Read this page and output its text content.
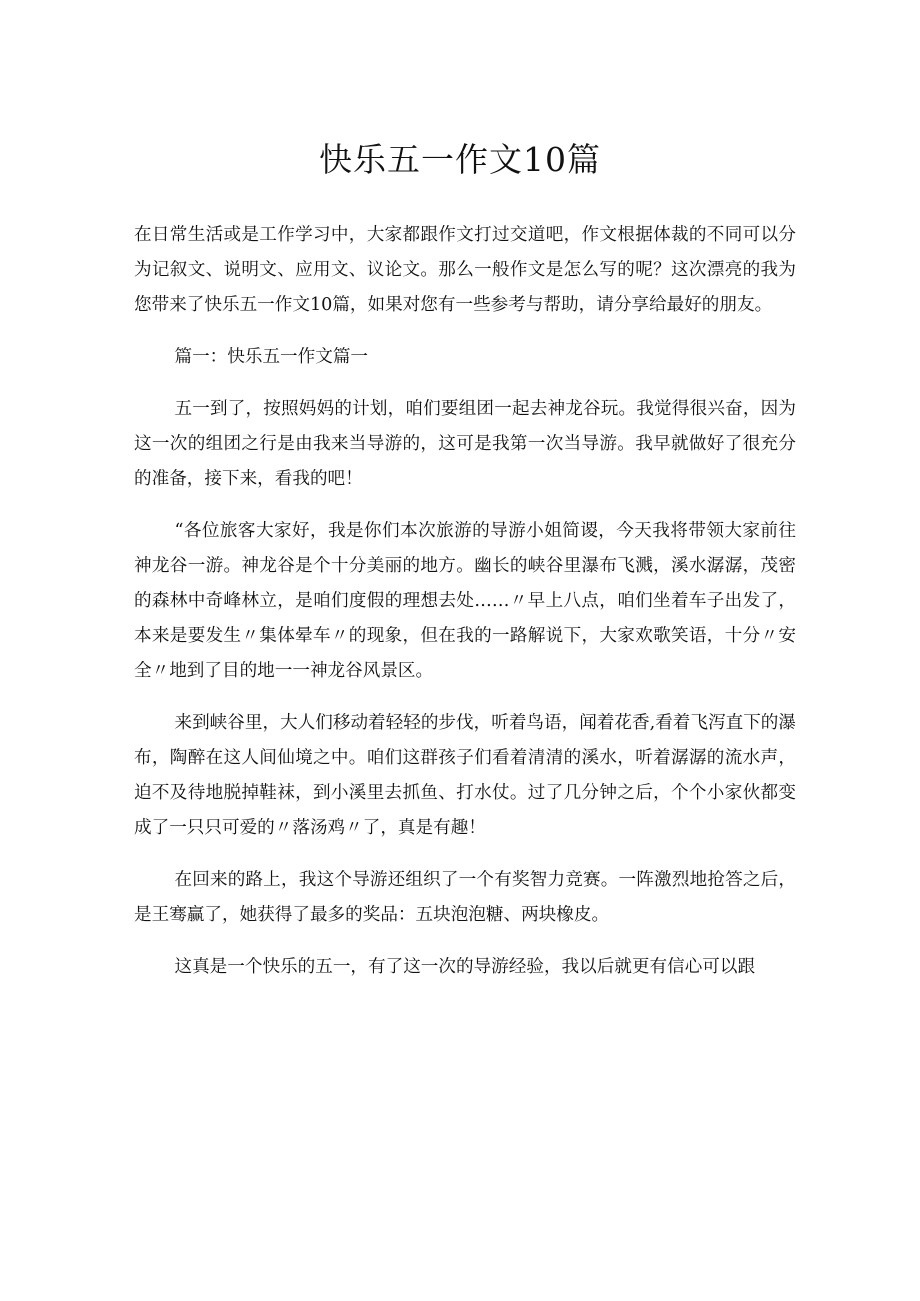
快乐五一作文10篇

在日常生活或是工作学习中，大家都跟作文打过交道吧，作文根据体裁的不同可以分为记叙文、说明文、应用文、议论文。那么一般作文是怎么写的呢？这次漂亮的我为您带来了快乐五一作文10篇，如果对您有一些参考与帮助，请分享给最好的朋友。

篇一：快乐五一作文篇一

五一到了，按照妈妈的计划，咱们要组团一起去神龙谷玩。我觉得很兴奋，因为这一次的组团之行是由我来当导游的，这可是我第一次当导游。我早就做好了很充分的准备，接下来，看我的吧！

“各位旅客大家好，我是你们本次旅游的导游小姐简谡，今天我将带领大家前往神龙谷一游。神龙谷是个十分美丽的地方。幽长的峡谷里瀑布飞溅，溪水潺潺，茂密的森林中奇峰林立，是咱们度假的理想去处……〃早上八点，咱们坐着车子出发了，本来是要发生〃集体晕车〃的现象，但在我的一路解说下，大家欢歌笑语，十分〃安全〃地到了目的地一一神龙谷风景区。

来到峡谷里，大人们移动着轻轻的步伐，听着鸟语，闻着花香,看着飞泻直下的瀑布，陶醉在这人间仙境之中。咱们这群孩子们看着清清的溪水，听着潺潺的流水声，迫不及待地脱掉鞋袜，到小溪里去抓鱼、打水仗。过了几分钟之后，个个小家伙都变成了一只只可爱的〃落汤鸡〃了，真是有趣！

在回来的路上，我这个导游还组织了一个有奖智力竞赛。一阵激烈地抢答之后，是王骞赢了，她获得了最多的奖品：五块泡泡糖、两块橡皮。

这真是一个快乐的五一，有了这一次的导游经验，我以后就更有信心可以跟
